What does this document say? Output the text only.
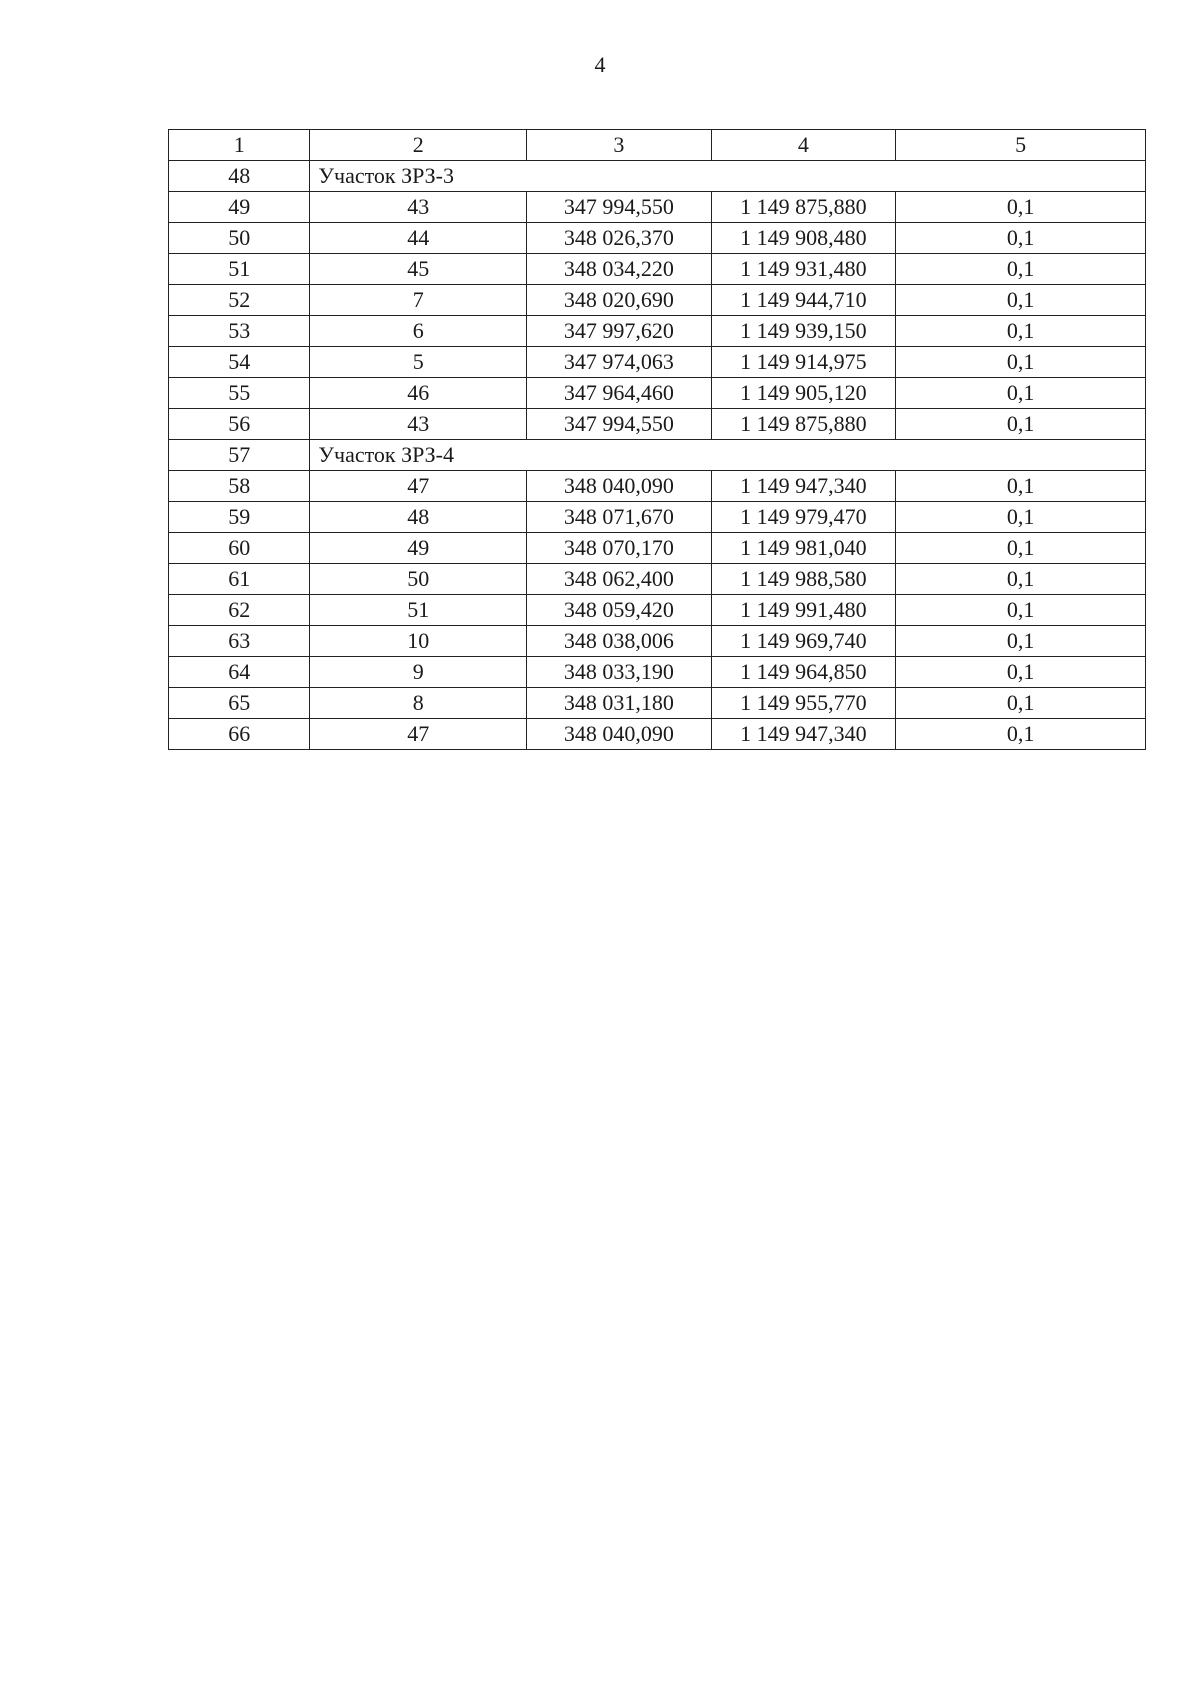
4
1	2	3	4	5
48	Участок ЗРЗ-3			
49	43	347 994,550	1 149 875,880	0,1
50	44	348 026,370	1 149 908,480	0,1
51	45	348 034,220	1 149 931,480	0,1
52	7	348 020,690	1 149 944,710	0,1
53	6	347 997,620	1 149 939,150	0,1
54	5	347 974,063	1 149 914,975	0,1
55	46	347 964,460	1 149 905,120	0,1
56	43	347 994,550	1 149 875,880	0,1
57	Участок ЗРЗ-4			
58	47	348 040,090	1 149 947,340	0,1
59	48	348 071,670	1 149 979,470	0,1
60	49	348 070,170	1 149 981,040	0,1
61	50	348 062,400	1 149 988,580	0,1
62	51	348 059,420	1 149 991,480	0,1
63	10	348 038,006	1 149 969,740	0,1
64	9	348 033,190	1 149 964,850	0,1
65	8	348 031,180	1 149 955,770	0,1
66	47	348 040,090	1 149 947,340	0,1
